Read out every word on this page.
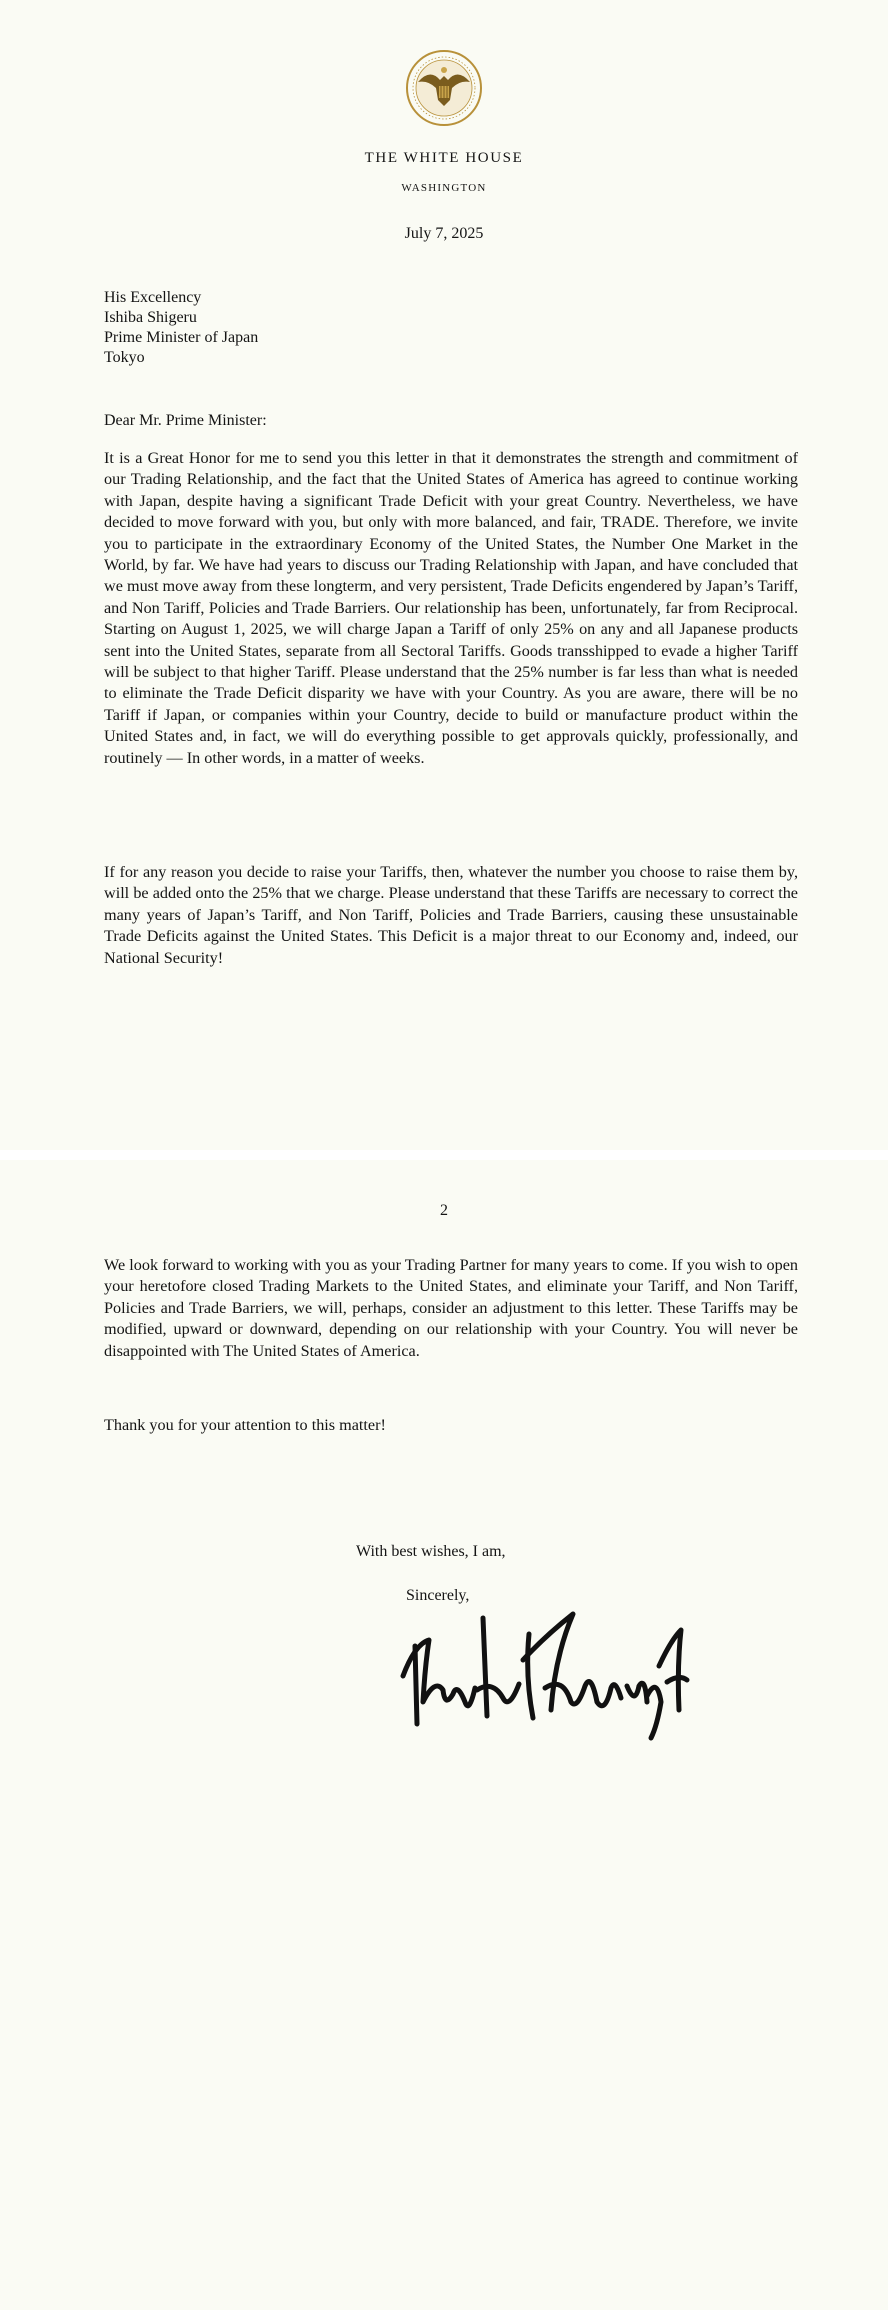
THE WHITE HOUSE
WASHINGTON
July 7, 2025
His Excellency
Ishiba Shigeru
Prime Minister of Japan
Tokyo
Dear Mr. Prime Minister:

It is a Great Honor for me to send you this letter in that it demonstrates the strength and commitment of our Trading Relationship, and the fact that the United States of America has agreed to continue working with Japan, despite having a significant Trade Deficit with your great Country. Nevertheless, we have decided to move forward with you, but only with more balanced, and fair, TRADE. Therefore, we invite you to participate in the extraordinary Economy of the United States, the Number One Market in the World, by far. We have had years to discuss our Trading Relationship with Japan, and have concluded that we must move away from these longterm, and very persistent, Trade Deficits engendered by Japan’s Tariff, and Non Tariff, Policies and Trade Barriers. Our relationship has been, unfortunately, far from Reciprocal. Starting on August 1, 2025, we will charge Japan a Tariff of only 25% on any and all Japanese products sent into the United States, separate from all Sectoral Tariffs. Goods transshipped to evade a higher Tariff will be subject to that higher Tariff. Please understand that the 25% number is far less than what is needed to eliminate the Trade Deficit disparity we have with your Country. As you are aware, there will be no Tariff if Japan, or companies within your Country, decide to build or manufacture product within the United States and, in fact, we will do everything possible to get approvals quickly, professionally, and routinely — In other words, in a matter of weeks.

If for any reason you decide to raise your Tariffs, then, whatever the number you choose to raise them by, will be added onto the 25% that we charge. Please understand that these Tariffs are necessary to correct the many years of Japan’s Tariff, and Non Tariff, Policies and Trade Barriers, causing these unsustainable Trade Deficits against the United States. This Deficit is a major threat to our Economy and, indeed, our National Security!

2

We look forward to working with you as your Trading Partner for many years to come. If you wish to open your heretofore closed Trading Markets to the United States, and eliminate your Tariff, and Non Tariff, Policies and Trade Barriers, we will, perhaps, consider an adjustment to this letter. These Tariffs may be modified, upward or downward, depending on our relationship with your Country. You will never be disappointed with The United States of America.

Thank you for your attention to this matter!

With best wishes, I am,
Sincerely,
